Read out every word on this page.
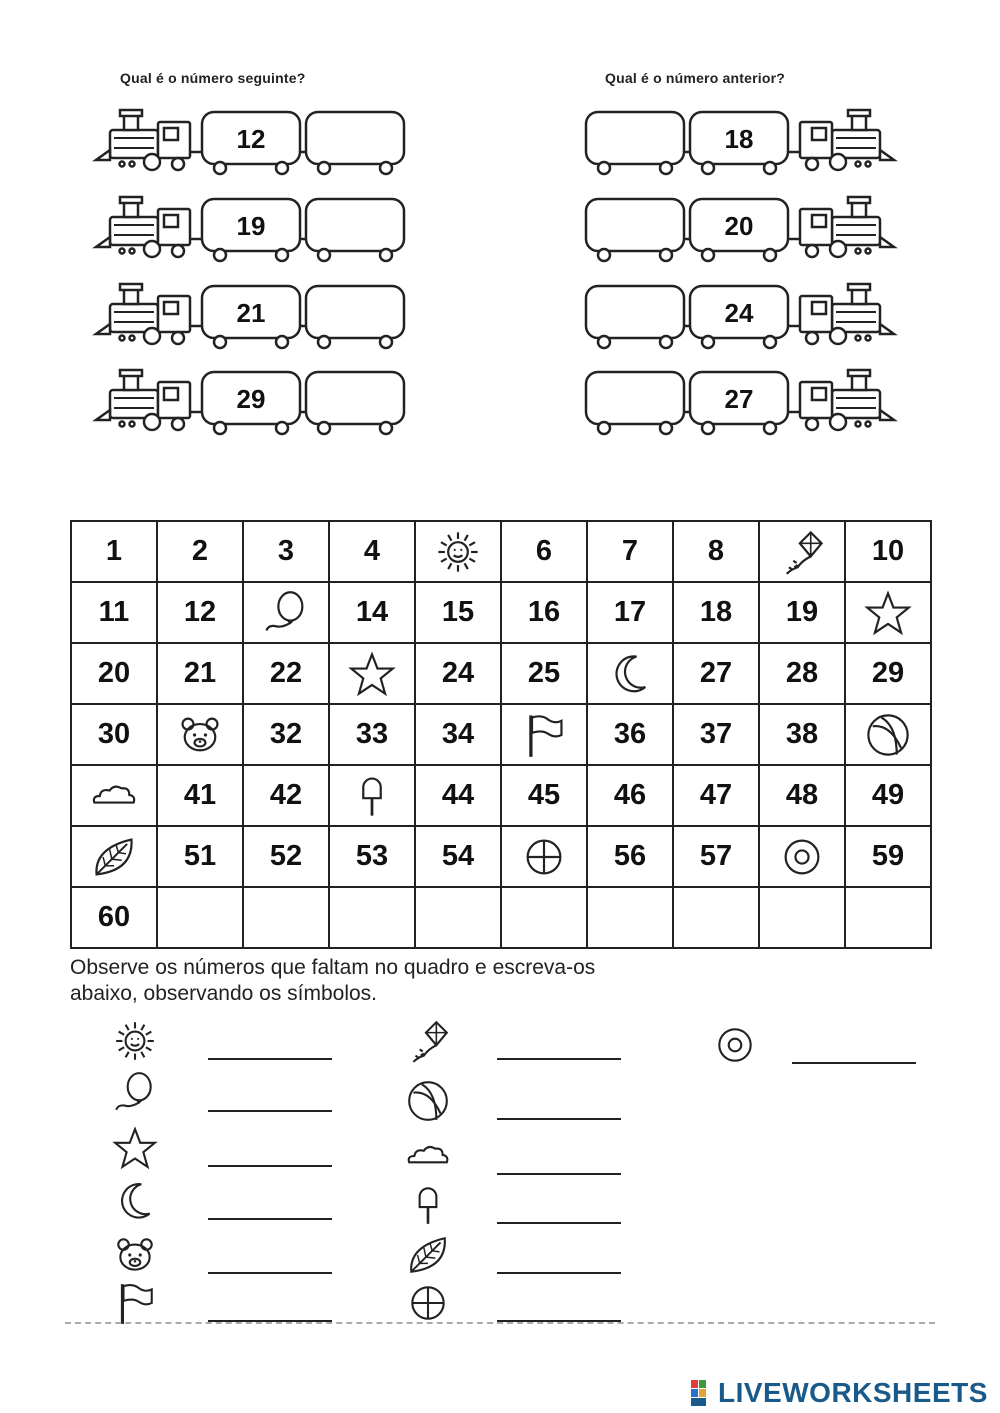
Qual é o número seguinte?	Qual é o número anterior?
12
19
21
29
18
20
24
27
1	2	3	4		6	7	8		10
11	12		14	15	16	17	18	19	

20	21	22		24	25		27	28	29
30		32	33	34		36	37	38	

	41	42		44	45	46	47	48	49

	51	52	53	54		56	57		59
60									
Observe os números que faltam no quadro e escreva-os
abaixo, observando os símbolos.
LIVEWORKSHEETS
